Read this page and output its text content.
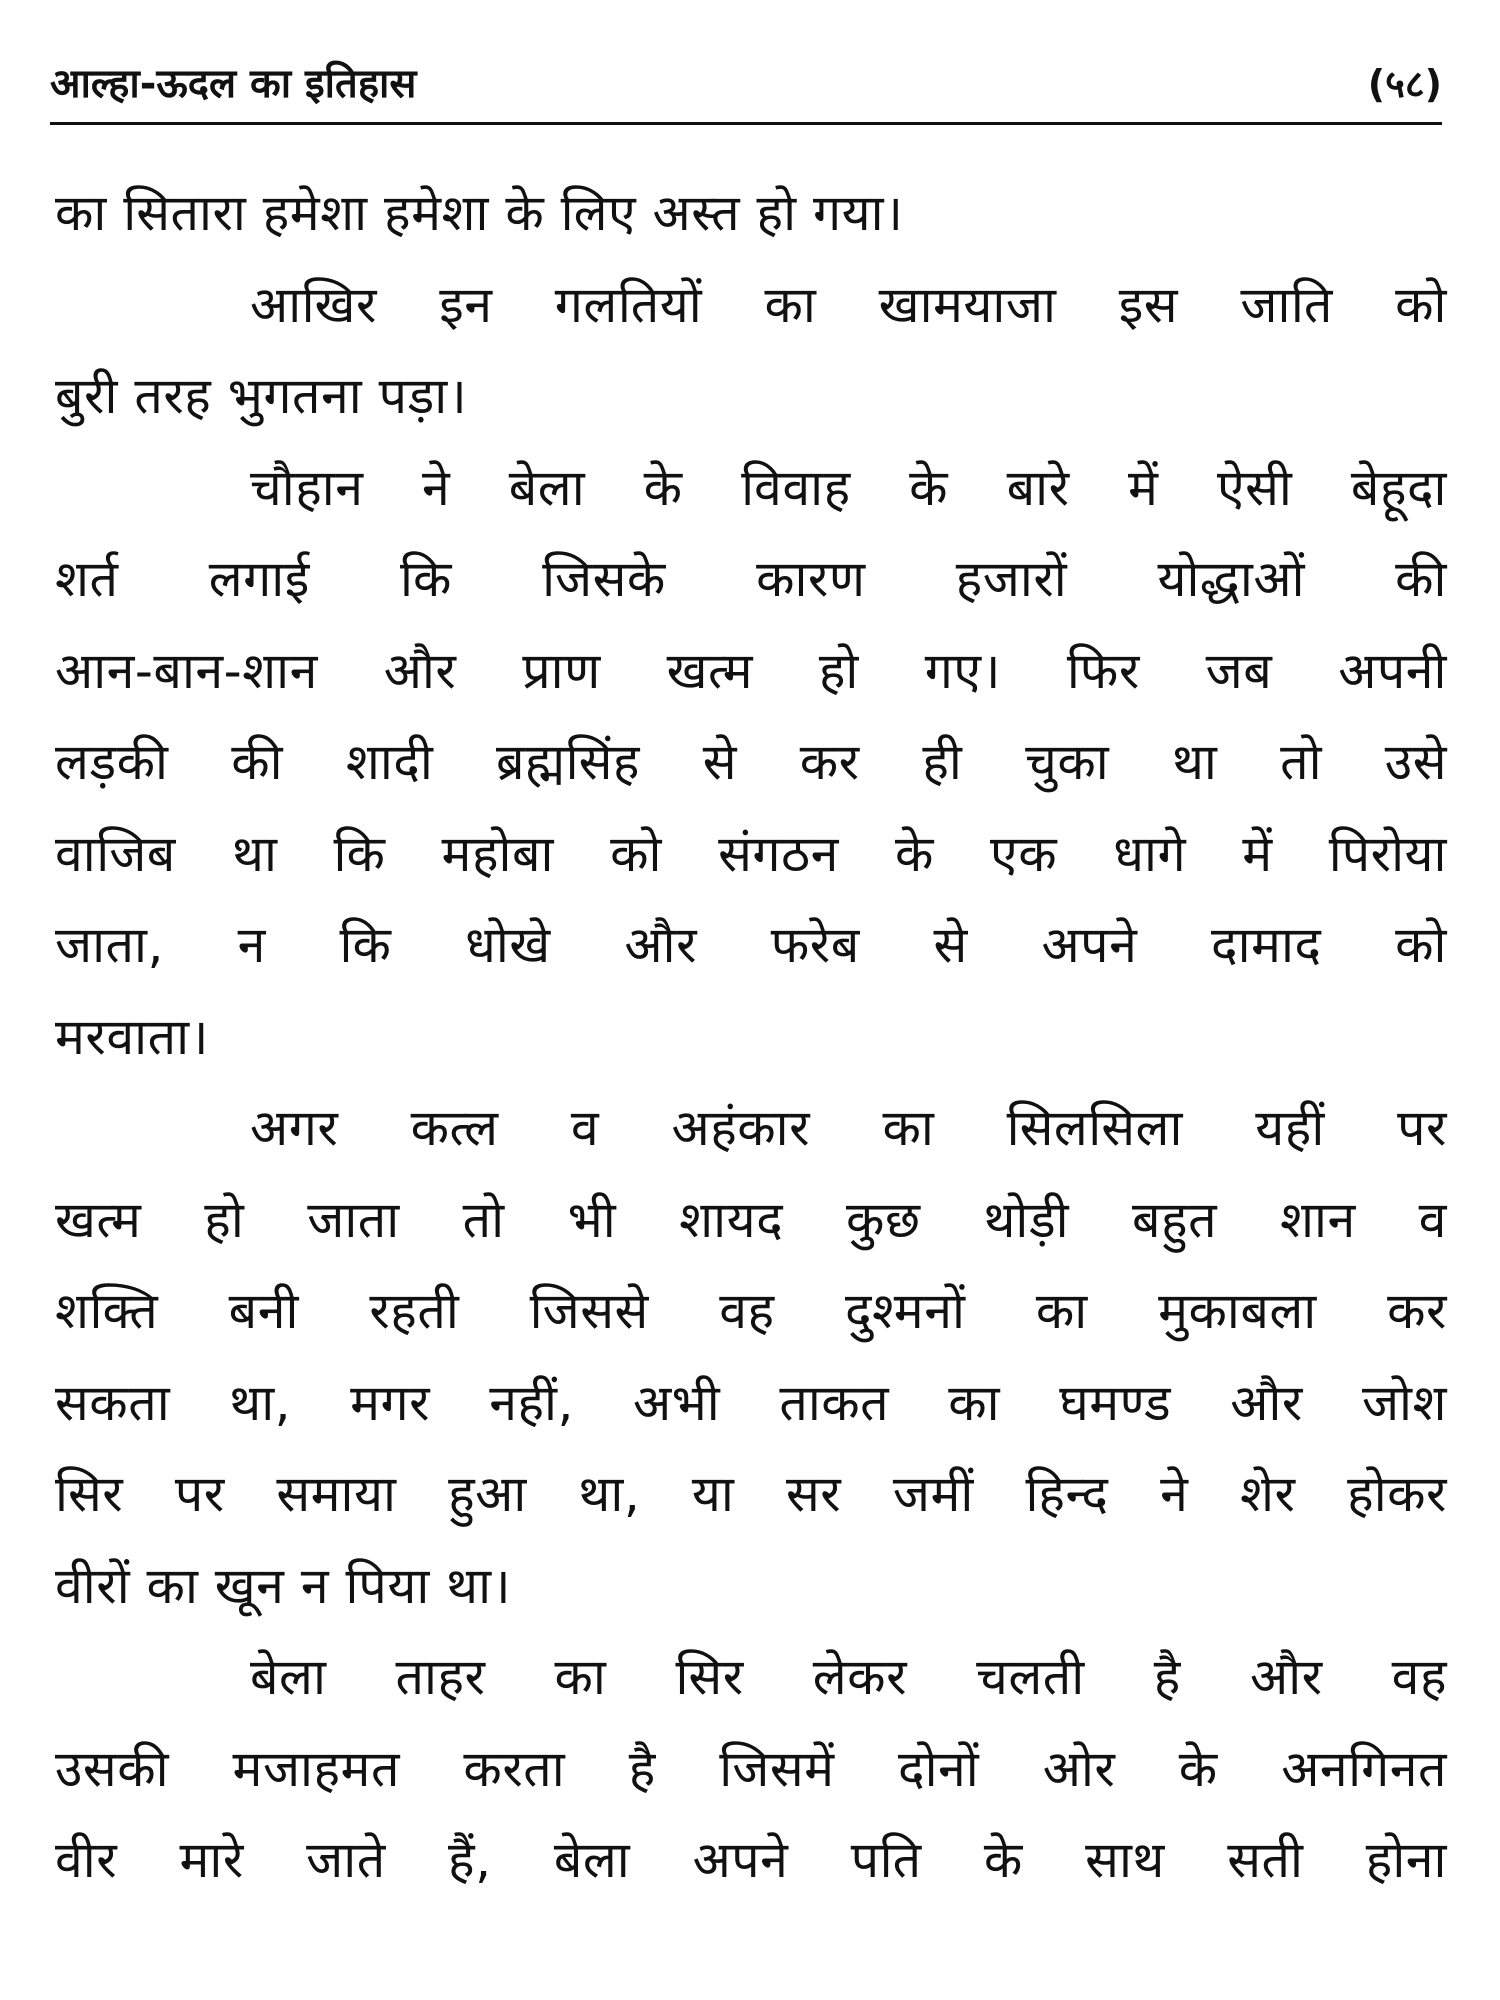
आल्हा-ऊदल का इतिहास	(५८)
का सितारा हमेशा हमेशा के लिए अस्त हो गया।
आखिर इन गलतियों का खामयाजा इस जाति को
बुरी तरह भुगतना पड़ा।
चौहान ने बेला के विवाह के बारे में ऐसी बेहूदा
शर्त लगाई कि जिसके कारण हजारों योद्धाओं की
आन-बान-शान और प्राण खत्म हो गए। फिर जब अपनी
लड़की की शादी ब्रह्मसिंह से कर ही चुका था तो उसे
वाजिब था कि महोबा को संगठन के एक धागे में पिरोया
जाता, न कि धोखे और फरेब से अपने दामाद को
मरवाता।
अगर कत्ल व अहंकार का सिलसिला यहीं पर
खत्म हो जाता तो भी शायद कुछ थोड़ी बहुत शान व
शक्ति बनी रहती जिससे वह दुश्मनों का मुकाबला कर
सकता था, मगर नहीं, अभी ताकत का घमण्ड और जोश
सिर पर समाया हुआ था, या सर जमीं हिन्द ने शेर होकर
वीरों का खून न पिया था।
बेला ताहर का सिर लेकर चलती है और वह
उसकी मजाहमत करता है जिसमें दोनों ओर के अनगिनत
वीर मारे जाते हैं, बेला अपने पति के साथ सती होना
